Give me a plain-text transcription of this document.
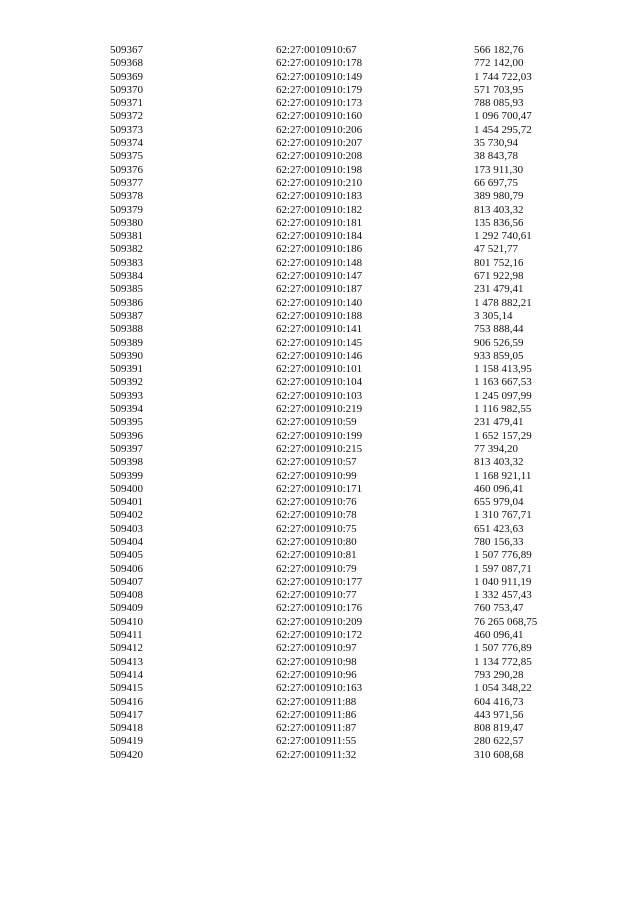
509367	62:27:0010910:67	566 182,76
509368	62:27:0010910:178	772 142,00
509369	62:27:0010910:149	1 744 722,03
509370	62:27:0010910:179	571 703,95
509371	62:27:0010910:173	788 085,93
509372	62:27:0010910:160	1 096 700,47
509373	62:27:0010910:206	1 454 295,72
509374	62:27:0010910:207	35 730,94
509375	62:27:0010910:208	38 843,78
509376	62:27:0010910:198	173 911,30
509377	62:27:0010910:210	66 697,75
509378	62:27:0010910:183	389 980,79
509379	62:27:0010910:182	813 403,32
509380	62:27:0010910:181	135 836,56
509381	62:27:0010910:184	1 292 740,61
509382	62:27:0010910:186	47 521,77
509383	62:27:0010910:148	801 752,16
509384	62:27:0010910:147	671 922,98
509385	62:27:0010910:187	231 479,41
509386	62:27:0010910:140	1 478 882,21
509387	62:27:0010910:188	3 305,14
509388	62:27:0010910:141	753 888,44
509389	62:27:0010910:145	906 526,59
509390	62:27:0010910:146	933 859,05
509391	62:27:0010910:101	1 158 413,95
509392	62:27:0010910:104	1 163 667,53
509393	62:27:0010910:103	1 245 097,99
509394	62:27:0010910:219	1 116 982,55
509395	62:27:0010910:59	231 479,41
509396	62:27:0010910:199	1 652 157,29
509397	62:27:0010910:215	77 394,20
509398	62:27:0010910:57	813 403,32
509399	62:27:0010910:99	1 168 921,11
509400	62:27:0010910:171	460 096,41
509401	62:27:0010910:76	655 979,04
509402	62:27:0010910:78	1 310 767,71
509403	62:27:0010910:75	651 423,63
509404	62:27:0010910:80	780 156,33
509405	62:27:0010910:81	1 507 776,89
509406	62:27:0010910:79	1 597 087,71
509407	62:27:0010910:177	1 040 911,19
509408	62:27:0010910:77	1 332 457,43
509409	62:27:0010910:176	760 753,47
509410	62:27:0010910:209	76 265 068,75
509411	62:27:0010910:172	460 096,41
509412	62:27:0010910:97	1 507 776,89
509413	62:27:0010910:98	1 134 772,85
509414	62:27:0010910:96	793 290,28
509415	62:27:0010910:163	1 054 348,22
509416	62:27:0010911:88	604 416,73
509417	62:27:0010911:86	443 971,56
509418	62:27:0010911:87	808 819,47
509419	62:27:0010911:55	280 622,57
509420	62:27:0010911:32	310 608,68
